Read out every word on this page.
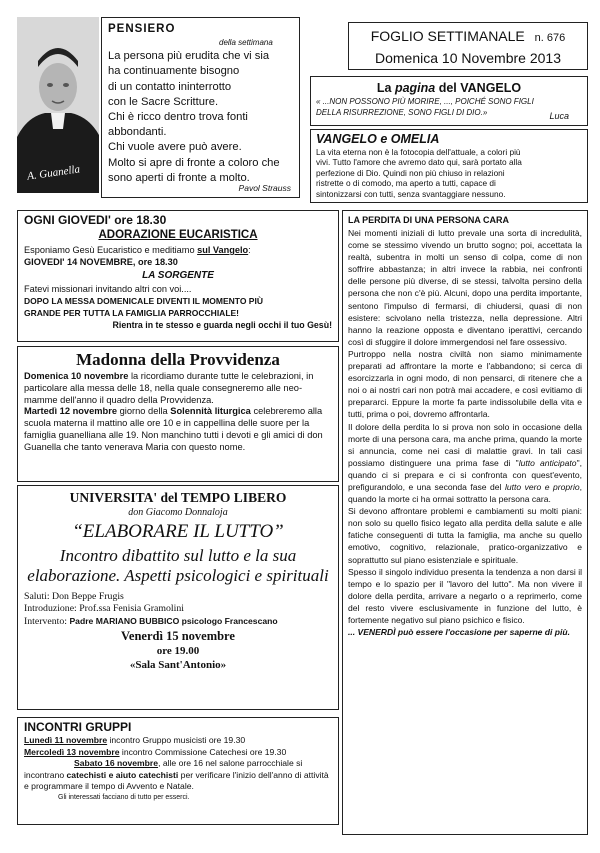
A. Guanella
PENSIERO
della settimana
La persona più erudita che vi sia
ha continuamente bisogno
di un contatto ininterrotto
con le Sacre Scritture.
Chi è ricco dentro trova fonti
abbondanti.
Chi vuole avere può avere.
Molto si apre di fronte a coloro che
sono aperti di fronte a molto.
Pavol Strauss
FOGLIO SETTIMANALE n. 676
Domenica 10 Novembre 2013
La pagina del VANGELO
« ...NON POSSONO PIÙ MORIRE, ..., POICHÉ SONO FIGLI
DELLA RISURREZIONE, SONO FIGLI DI DIO.»	Luca
VANGELO e OMELIA
La vita eterna non è la fotocopia dell'attuale, a colori più
vivi. Tutto l'amore che avremo dato qui, sarà portato alla
perfezione di Dio. Quindi non più chiuso in relazioni
ristrette o di comodo, ma aperto a tutti, capace di
sintonizzarsi con tutti, senza svantaggiare nessuno.
OGNI GIOVEDI' ore 18.30
ADORAZIONE EUCARISTICA
Esponiamo Gesù Eucaristico e meditiamo sul Vangelo:
GIOVEDI' 14 NOVEMBRE, ore 18.30
LA SORGENTE
Fatevi missionari invitando altri con voi....
DOPO LA MESSA DOMENICALE DIVENTI IL MOMENTO PIÙ
GRANDE PER TUTTA LA FAMIGLIA PARROCCHIALE!
Rientra in te stesso e guarda negli occhi il tuo Gesù!
Madonna della Provvidenza

Domenica 10 novembre la ricordiamo durante tutte le celebrazioni, in particolare alla messa delle 18, nella quale consegneremo alle neo-mamme dell'anno il quadro della Provvidenza.

Martedì 12 novembre giorno della Solennità liturgica celebreremo alla scuola materna il mattino alle ore 10 e in cappellina delle suore per la famiglia guanelliana alle 19. Non manchino tutti i devoti e gli amici di don Guanella che tanto venerava Maria con questo nome.

UNIVERSITA' del TEMPO LIBERO
don Giacomo Donnaloja
“ELABORARE IL LUTTO”
Incontro dibattito sul lutto e la sua elaborazione. Aspetti psicologici e spirituali
Saluti: Don Beppe Frugis
Introduzione: Prof.ssa Fenisia Gramolini
Intervento: Padre MARIANO BUBBICO psicologo Francescano
Venerdì 15 novembre
ore 19.00
«Sala Sant'Antonio»
INCONTRI GRUPPI
Lunedì 11 novembre incontro Gruppo musicisti ore 19.30
Mercoledì 13 novembre incontro Commissione Catechesi ore 19.30
Sabato 16 novembre, alle ore 16 nel salone parrocchiale si incontrano catechisti e aiuto catechisti per verificare l'inizio dell'anno di attività e programmare il tempo di Avvento e Natale.
Gli interessati facciano di tutto per esserci.
LA PERDITA DI UNA PERSONA CARA

Nei momenti iniziali di lutto prevale una sorta di incredulità, come se stessimo vivendo un brutto sogno; poi, accettata la realtà, subentra in molti un senso di colpa, come di non soffrire abbastanza; in altri invece la rabbia, nei confronti delle persone più diverse, di se stessi, talvolta persino della persona che non c'è più. Alcuni, dopo una perdita importante, sentono l'impulso di fermarsi, di chiudersi, quasi di non esistere: scivolano nella tristezza, nella depressione. Altri hanno la reazione opposta e diventano iperattivi, cercando così di sfuggire il dolore immergendosi nel fare ossessivo.

Purtroppo nella nostra civiltà non siamo minimamente preparati ad affrontare la morte e l'abbandono; si cerca di esorcizzarla in ogni modo, di non pensarci, di ritenere che a noi o ai nostri cari non potrà mai accadere, e così evitiamo di prepararci. Eppure la morte fa parte indissolubile della vita e tutti, prima o poi, dovremo affrontarla.

Il dolore della perdita lo si prova non solo in occasione della morte di una persona cara, ma anche prima, quando la morte si annuncia, come nei casi di malattie gravi. In tali casi possiamo distinguere una prima fase di "lutto anticipato", quando ci si prepara e ci si confronta con quest'evento, prefigurandolo, e una seconda fase del lutto vero e proprio, quando la morte ci ha ormai sottratto la persona cara.

Si devono affrontare problemi e cambiamenti su molti piani: non solo su quello fisico legato alla perdita della salute e alle fatiche conseguenti di tutta la famiglia, ma anche su quello emotivo, cognitivo, relazionale, pratico-organizzativo e soprattutto sul piano esistenziale e spirituale.

Spesso il singolo individuo presenta la tendenza a non darsi il tempo e lo spazio per il "lavoro del lutto". Ma non vivere il dolore della perdita, arrivare a negarlo o a reprimerlo, come del resto vivere esclusivamente in funzione del lutto, è fortemente negativo sul piano psichico e fisico.

... VENERDÌ può essere l'occasione per saperne di più.
